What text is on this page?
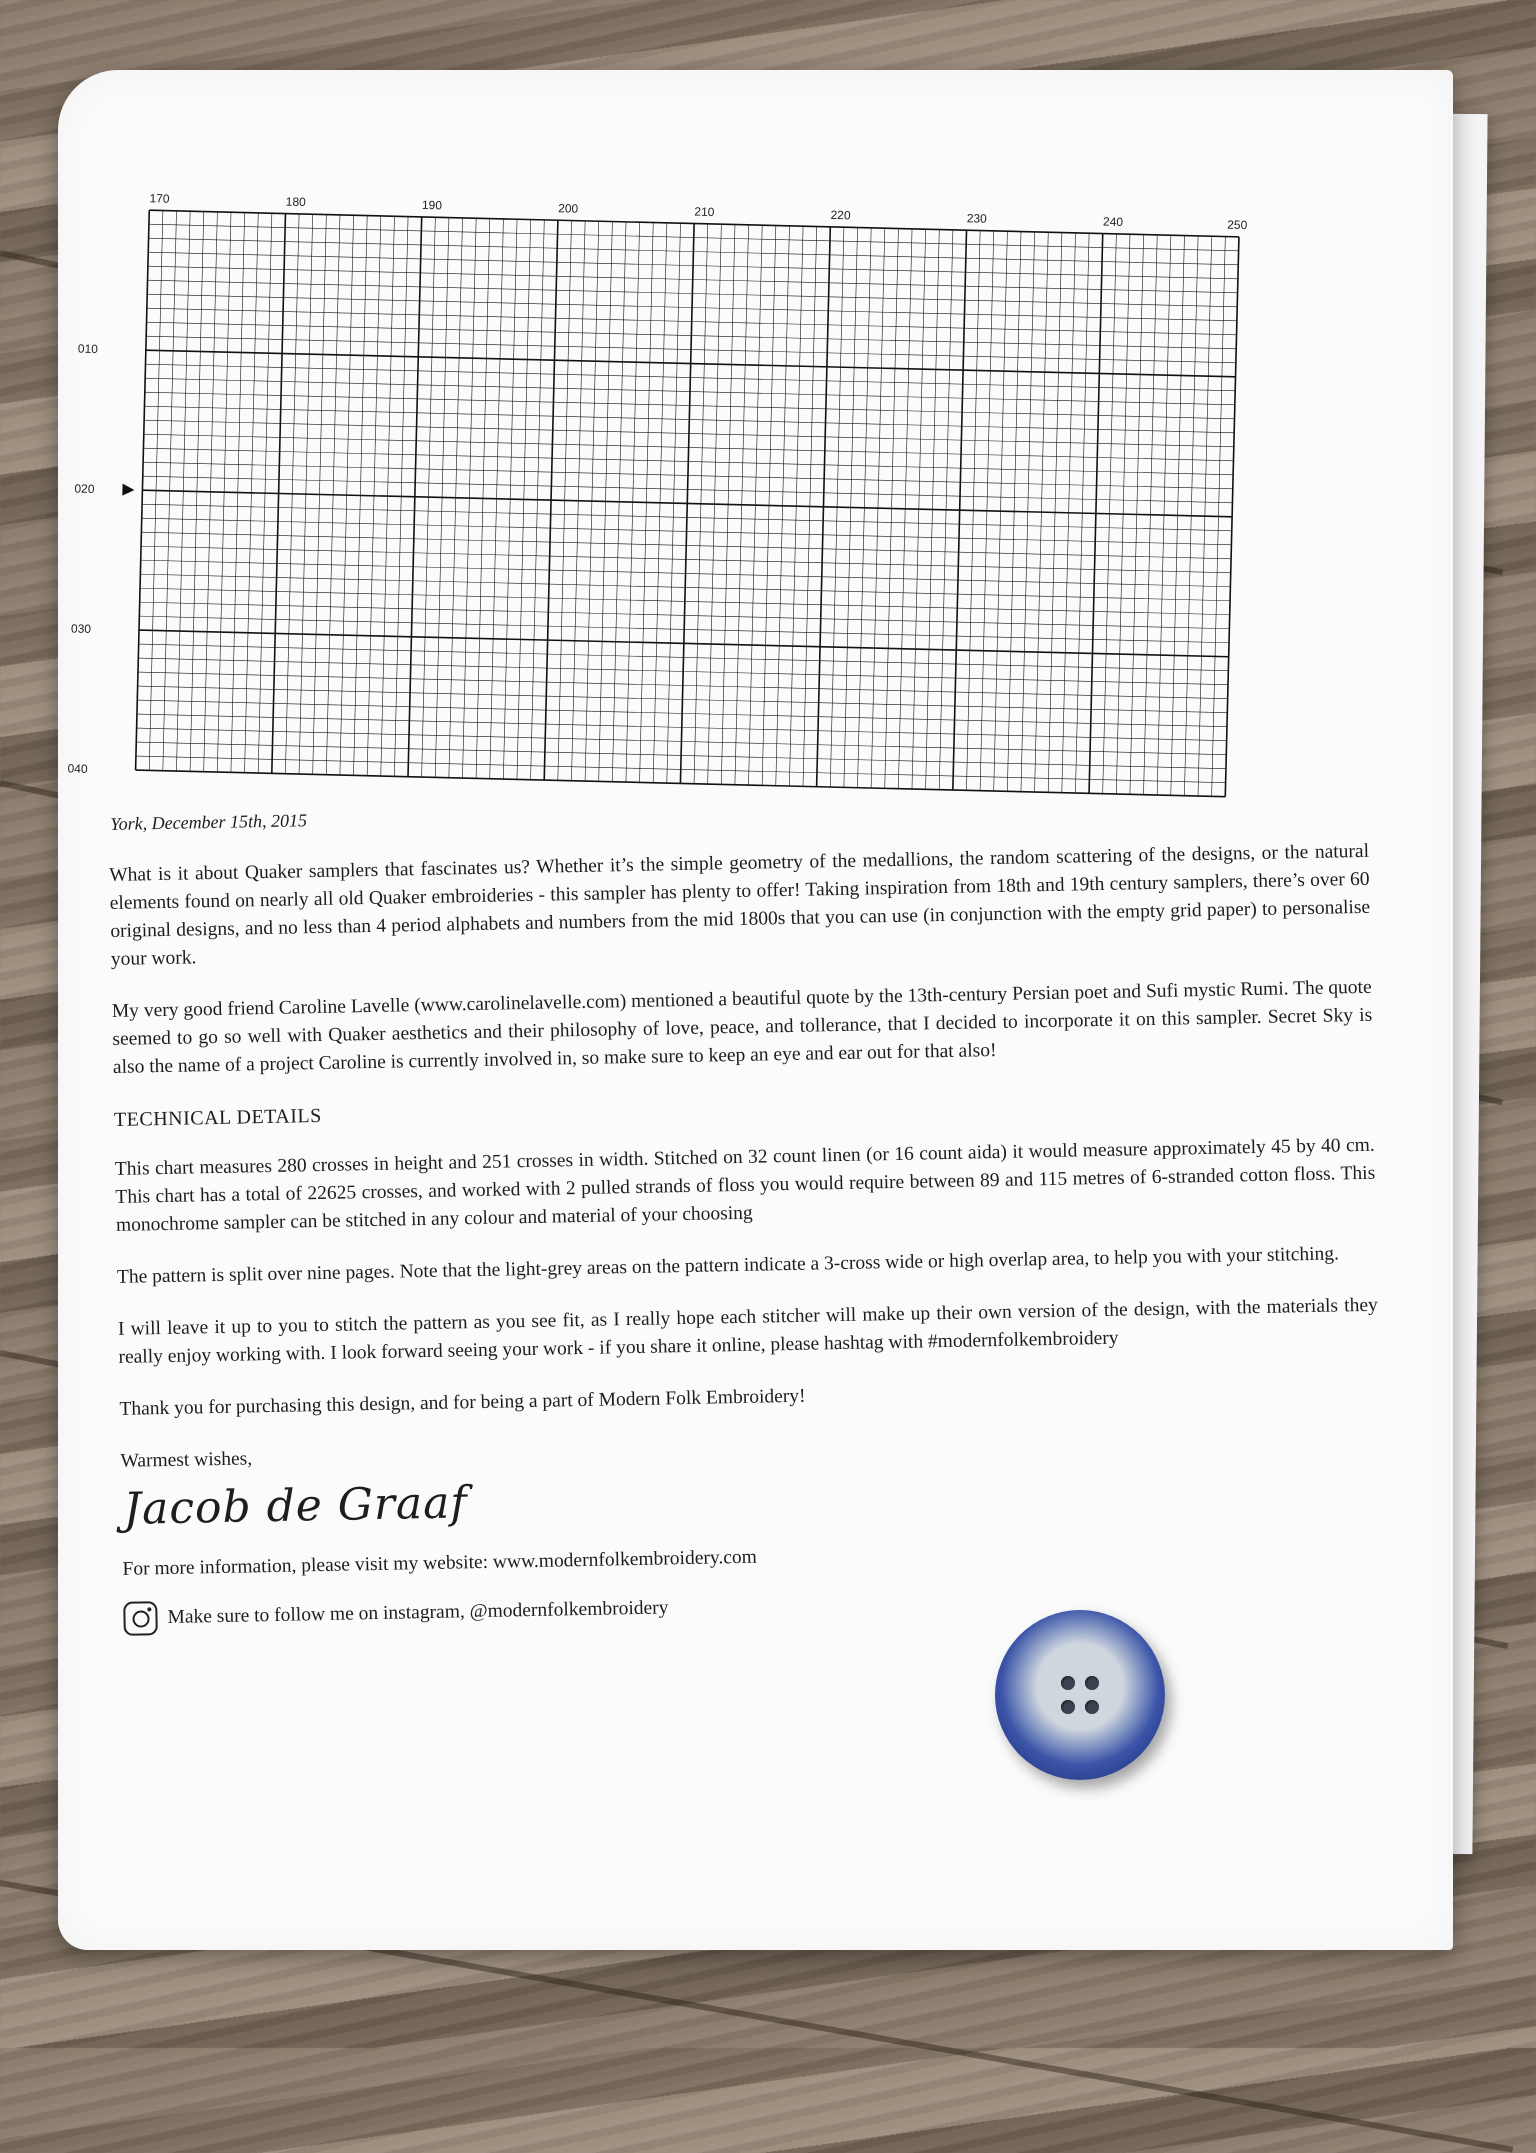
170	180	190	200	210	220	230	240	250
010
020
030
040
York, December 15th, 2015

What is it about Quaker samplers that fascinates us? Whether it’s the simple geometry of the medallions, the random scattering of the designs, or the natural elements found on nearly all old Quaker embroideries - this sampler has plenty to offer! Taking inspiration from 18th and 19th century samplers, there’s over 60 original designs, and no less than 4 period alphabets and numbers from the mid 1800s that you can use (in conjunction with the empty grid paper) to personalise your work.

My very good friend Caroline Lavelle (www.carolinelavelle.com) mentioned a beautiful quote by the 13th-century Persian poet and Sufi mystic Rumi. The quote seemed to go so well with Quaker aesthetics and their philosophy of love, peace, and tollerance, that I decided to incorporate it on this sampler. Secret Sky is also the name of a project Caroline is currently involved in, so make sure to keep an eye and ear out for that also!

TECHNICAL DETAILS

This chart measures 280 crosses in height and 251 crosses in width. Stitched on 32 count linen (or 16 count aida) it would measure approximately 45 by 40 cm. This chart has a total of 22625 crosses, and worked with 2 pulled strands of floss you would require between 89 and 115 metres of 6-stranded cotton floss. This monochrome sampler can be stitched in any colour and material of your choosing

The pattern is split over nine pages. Note that the light-grey areas on the pattern indicate a 3-cross wide or high overlap area, to help you with your stitching.

I will leave it up to you to stitch the pattern as you see fit, as I really hope each stitcher will make up their own version of the design, with the materials they really enjoy working with. I look forward seeing your work - if you share it online, please hashtag with #modernfolkembroidery

Thank you for purchasing this design, and for being a part of Modern Folk Embroidery!

Warmest wishes,
Jacob de Graaf
For more information, please visit my website: www.modernfolkembroidery.com
Make sure to follow me on instagram, @modernfolkembroidery
